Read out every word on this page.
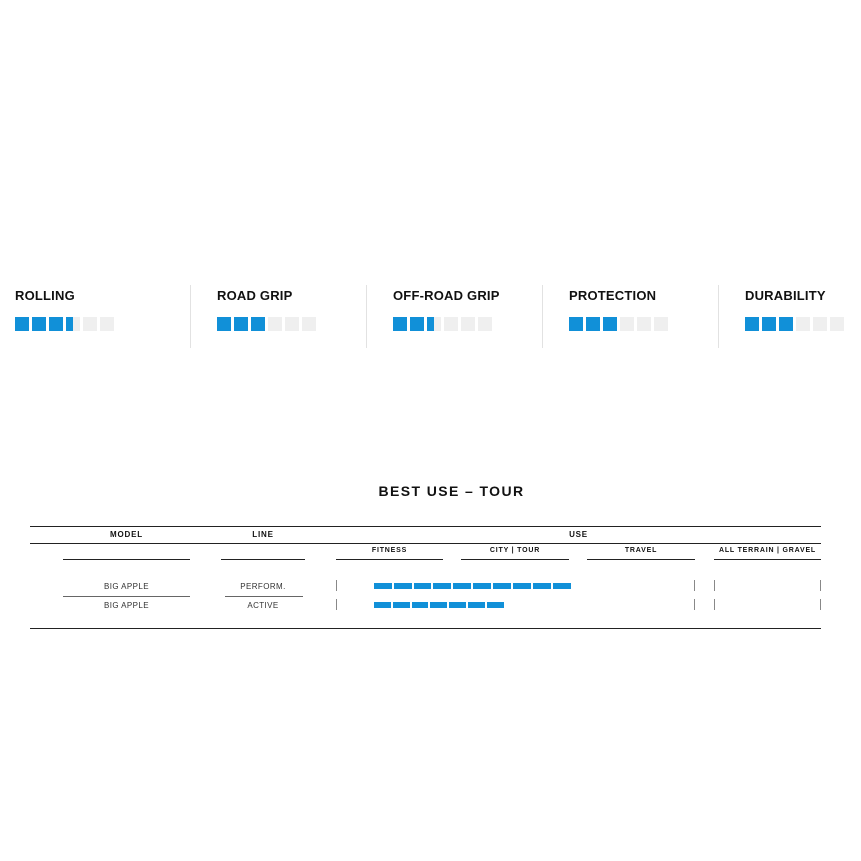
ROLLING	ROAD GRIP	OFF-ROAD GRIP	PROTECTION	DURABILITY
BEST USE – TOUR
MODEL	LINE	USE
FITNESS	CITY | TOUR	TRAVEL	ALL TERRAIN | GRAVEL
BIG APPLE	PERFORM.
BIG APPLE	ACTIVE
